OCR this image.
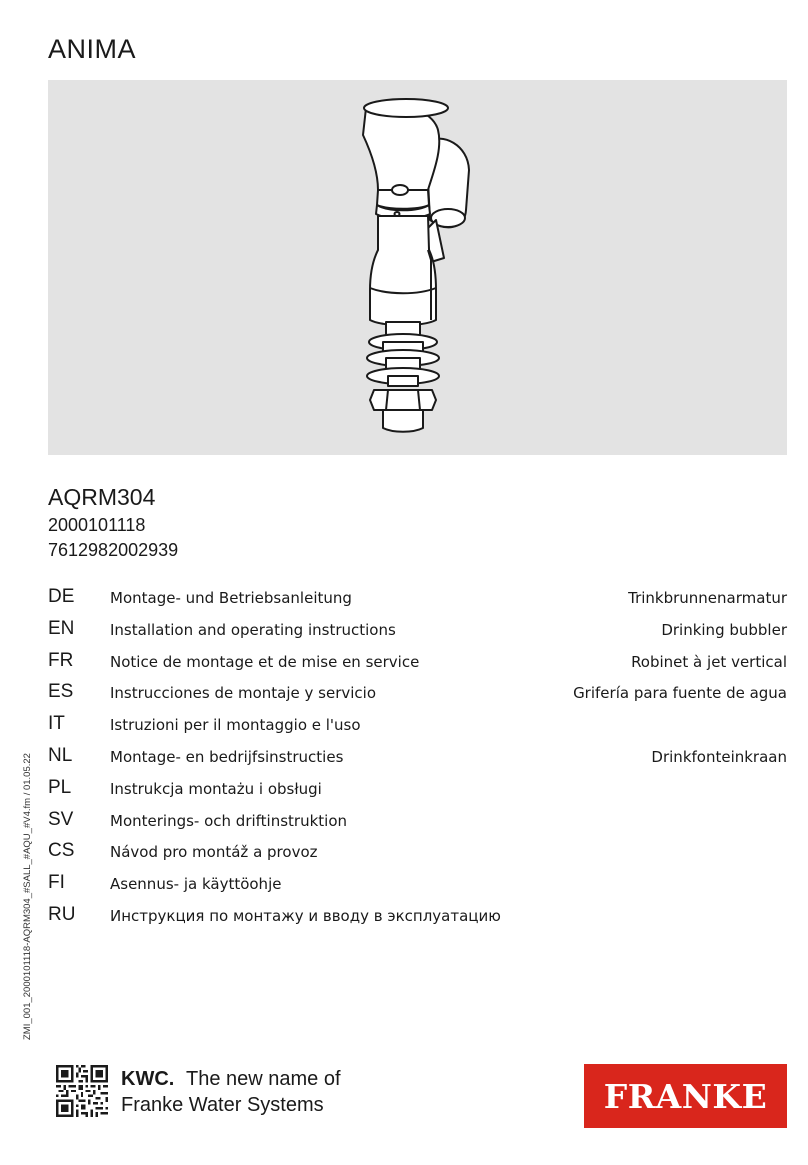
ANIMA
AQRM304
2000101118
7612982002939
DE Montage- und Betriebsanleitung	Trinkbrunnenarmatur
EN Installation and operating instructions	Drinking bubbler
FR Notice de montage et de mise en service	Robinet à jet vertical
ES Instrucciones de montaje y servicio	Grifería para fuente de agua
IT	Istruzioni per il montaggio e l'uso
NL	Montage- en bedrijfsinstructies	Drinkfonteinkraan
PL	Instrukcja montażu i obsługi
SV Monterings- och driftinstruktion
CS Návod pro montáž a provoz
FI	Asennus- ja käyttöohje
RU Инструкция по монтажу и вводу в эксплуатацию
ZMI_001_2000101118-AQRM304_#SALL_#AQU_#V4.fm / 01.05.22
KWC. The new name of
Franke Water Systems	FRANKE
